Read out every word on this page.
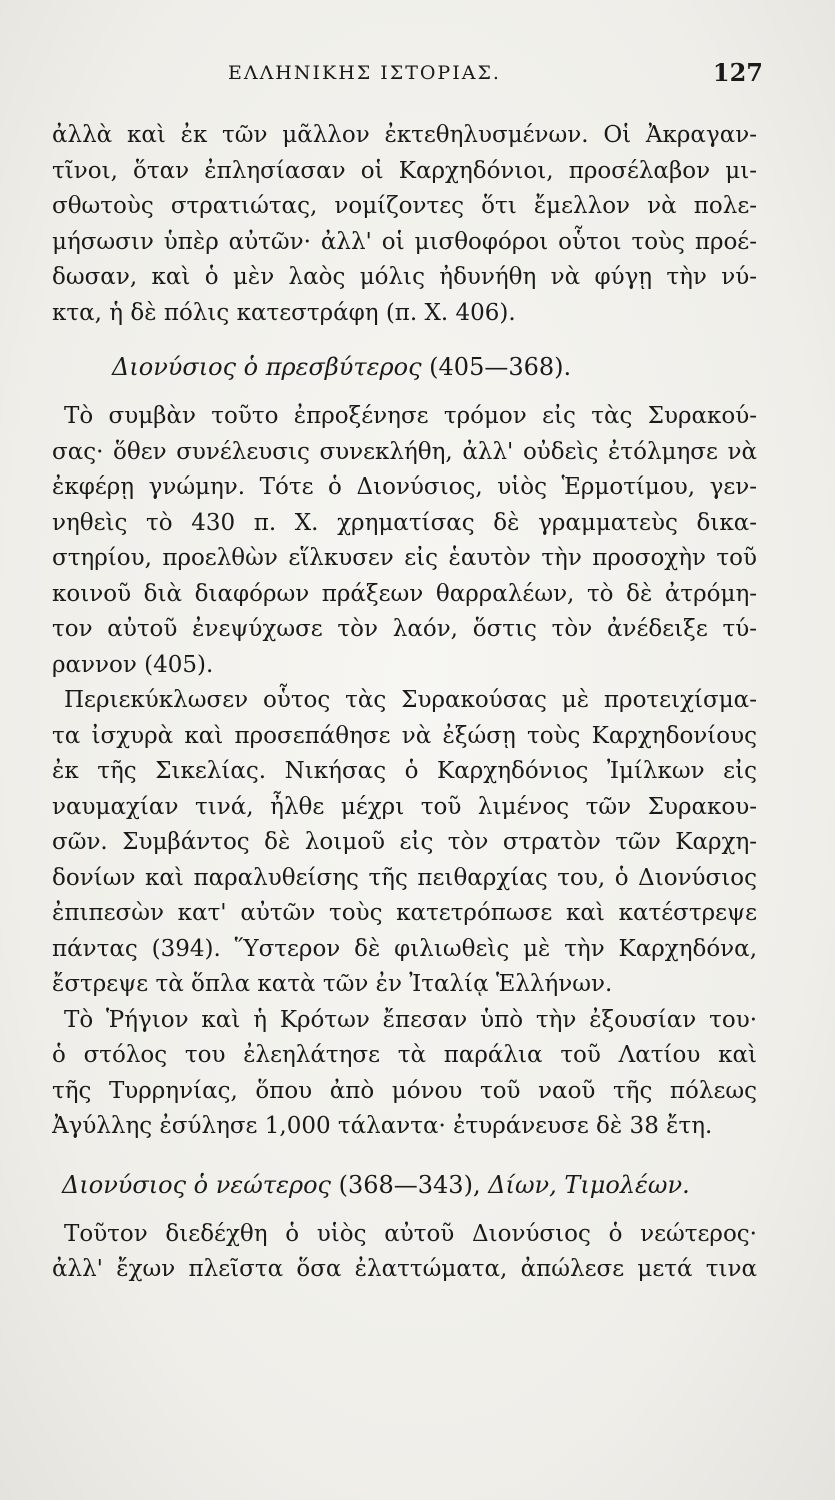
ΕΛΛΗΝΙΚΗΣ ΙΣΤΟΡΙΑΣ.	127
ἀλλὰ καὶ ἐκ τῶν μᾶλλον ἐκτεθηλυσμένων. Οἱ Ἀκραγαν-
τῖνοι, ὅταν ἐπλησίασαν οἱ Καρχηδόνιοι, προσέλαβον μι-
σθωτοὺς στρατιώτας, νομίζοντες ὅτι ἔμελλον νὰ πολε-
μήσωσιν ὑπὲρ αὐτῶν· ἀλλ' οἱ μισθοφόροι οὗτοι τοὺς προέ-
δωσαν, καὶ ὁ μὲν λαὸς μόλις ἠδυνήθη νὰ φύγῃ τὴν νύ-
κτα, ἡ δὲ πόλις κατεστράφη (π. Χ. 406).
Διονύσιος ὁ πρεσβύτερος (405—368).
Τὸ συμβὰν τοῦτο ἐπροξένησε τρόμον εἰς τὰς Συρακού-
σας· ὅθεν συνέλευσις συνεκλήθη, ἀλλ' οὐδεὶς ἐτόλμησε νὰ
ἐκφέρῃ γνώμην. Τότε ὁ Διονύσιος, υἱὸς Ἑρμοτίμου, γεν-
νηθεὶς τὸ 430 π. Χ. χρηματίσας δὲ γραμματεὺς δικα-
στηρίου, προελθὼν εἵλκυσεν εἰς ἑαυτὸν τὴν προσοχὴν τοῦ
κοινοῦ διὰ διαφόρων πράξεων θαρραλέων, τὸ δὲ ἀτρόμη-
τον αὐτοῦ ἐνεψύχωσε τὸν λαόν, ὅστις τὸν ἀνέδειξε τύ-
ραννον (405).
Περιεκύκλωσεν οὗτος τὰς Συρακούσας μὲ προτειχίσμα-
τα ἰσχυρὰ καὶ προσεπάθησε νὰ ἐξώσῃ τοὺς Καρχηδονίους
ἐκ τῆς Σικελίας. Νικήσας ὁ Καρχηδόνιος Ἰμίλκων εἰς
ναυμαχίαν τινά, ἦλθε μέχρι τοῦ λιμένος τῶν Συρακου-
σῶν. Συμβάντος δὲ λοιμοῦ εἰς τὸν στρατὸν τῶν Καρχη-
δονίων καὶ παραλυθείσης τῆς πειθαρχίας του, ὁ Διονύσιος
ἐπιπεσὼν κατ' αὐτῶν τοὺς κατετρόπωσε καὶ κατέστρεψε
πάντας (394). Ὕστερον δὲ φιλιωθεὶς μὲ τὴν Καρχηδόνα,
ἔστρεψε τὰ ὅπλα κατὰ τῶν ἐν Ἰταλίᾳ Ἑλλήνων.
Τὸ Ῥήγιον καὶ ἡ Κρότων ἔπεσαν ὑπὸ τὴν ἐξουσίαν του·
ὁ στόλος του ἐλεηλάτησε τὰ παράλια τοῦ Λατίου καὶ
τῆς Τυρρηνίας, ὅπου ἀπὸ μόνου τοῦ ναοῦ τῆς πόλεως
Ἀγύλλης ἐσύλησε 1,000 τάλαντα· ἐτυράνευσε δὲ 38 ἔτη.
Διονύσιος ὁ νεώτερος (368—343), Δίων, Τιμολέων.
Τοῦτον διεδέχθη ὁ υἱὸς αὐτοῦ Διονύσιος ὁ νεώτερος·
ἀλλ' ἔχων πλεῖστα ὅσα ἐλαττώματα, ἀπώλεσε μετά τινα
